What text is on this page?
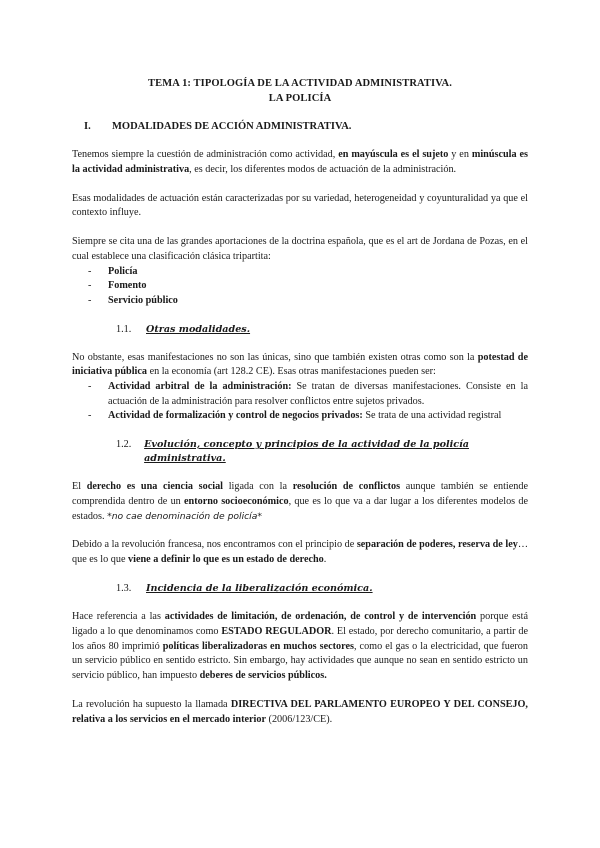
TEMA 1: TIPOLOGÍA DE LA ACTIVIDAD ADMINISTRATIVA.
LA POLICÍA
I.	MODALIDADES DE ACCIÓN ADMINISTRATIVA.

Tenemos siempre la cuestión de administración como actividad, en mayúscula es el sujeto y en minúscula es la actividad administrativa, es decir, los diferentes modos de actuación de la administración.

Esas modalidades de actuación están caracterizadas por su variedad, heterogeneidad y coyunturalidad ya que el contexto influye.

Siempre se cita una de las grandes aportaciones de la doctrina española, que es el art de Jordana de Pozas, en el cual establece una clasificación clásica tripartita:

-	Policía
-	Fomento
-	Servicio público
1.1.	Otras modalidades.

No obstante, esas manifestaciones no son las únicas, sino que también existen otras como son la potestad de iniciativa pública en la economía (art 128.2 CE). Esas otras manifestaciones pueden ser:

-	Actividad arbitral de la administración: Se tratan de diversas manifestaciones. Consiste en la actuación de la administración para resolver conflictos entre sujetos privados.
-	Actividad de formalización y control de negocios privados: Se trata de una actividad registral
1.2.	Evolución, concepto y principios de la actividad de la policía administrativa.

El derecho es una ciencia social ligada con la resolución de conflictos aunque también se entiende comprendida dentro de un entorno socioeconómico, que es lo que va a dar lugar a los diferentes modelos de estados. *no cae denominación de policía*

Debido a la revolución francesa, nos encontramos con el principio de separación de poderes, reserva de ley… que es lo que viene a definir lo que es un estado de derecho.

1.3.	Incidencia de la liberalización económica.

Hace referencia a las actividades de limitación, de ordenación, de control y de intervención porque está ligado a lo que denominamos como ESTADO REGULADOR. El estado, por derecho comunitario, a partir de los años 80 imprimió políticas liberalizadoras en muchos sectores, como el gas o la electricidad, que fueron un servicio público en sentido estricto. Sin embargo, hay actividades que aunque no sean en sentido estricto un servicio público, han impuesto deberes de servicios públicos.

La revolución ha supuesto la llamada DIRECTIVA DEL PARLAMENTO EUROPEO Y DEL CONSEJO, relativa a los servicios en el mercado interior (2006/123/CE).
